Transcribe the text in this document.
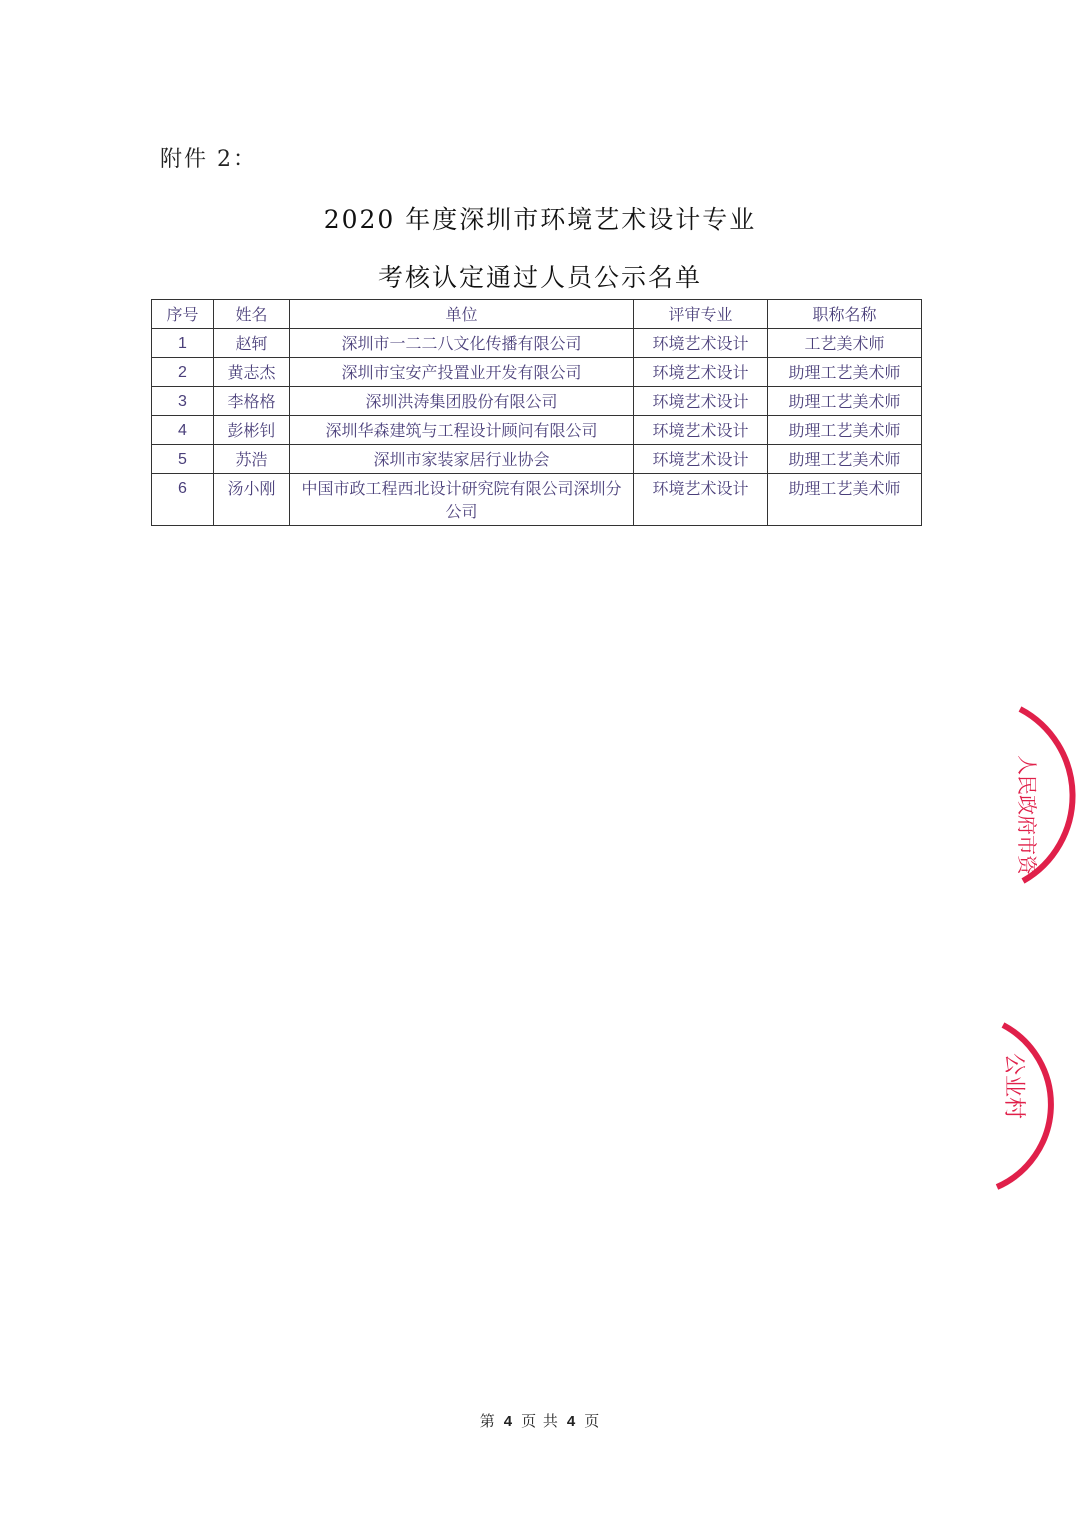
附件 2：
2020 年度深圳市环境艺术设计专业
考核认定通过人员公示名单
序号	姓名	单位	评审专业	职称名称
1	赵轲	深圳市一二二八文化传播有限公司	环境艺术设计	工艺美术师
2	黄志杰	深圳市宝安产投置业开发有限公司	环境艺术设计	助理工艺美术师
3	李格格	深圳洪涛集团股份有限公司	环境艺术设计	助理工艺美术师
4	彭彬钊	深圳华森建筑与工程设计顾问有限公司	环境艺术设计	助理工艺美术师
5	苏浩	深圳市家装家居行业协会	环境艺术设计	助理工艺美术师
6	汤小刚	中国市政工程西北设计研究院有限公司深圳分公司	环境艺术设计	助理工艺美术师
人民政府市资
公业村
第 4 页 共 4 页
